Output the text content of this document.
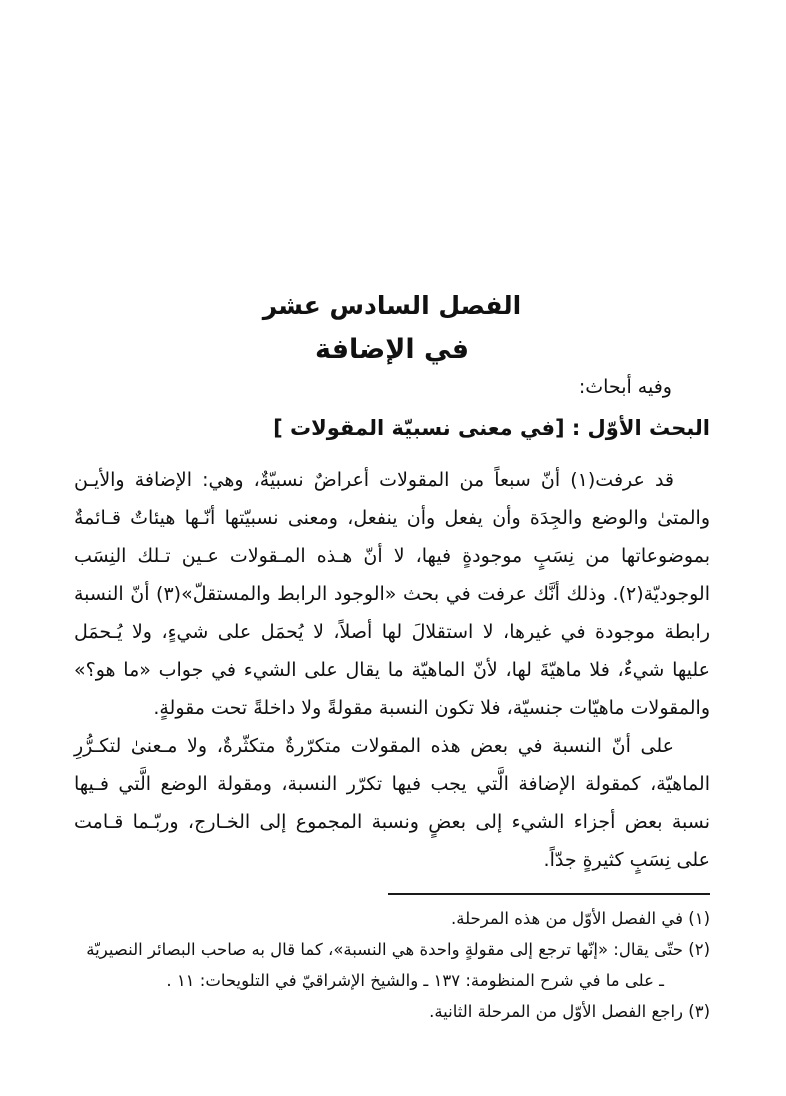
الفصل السادس عشر
في الإضافة
وفيه أبحاث:
البحث الأوّل : [في معنى نسبيّة المقولات ]
قد عرفت(١) أنّ سبعاً من المقولات أعراضٌ نسبيّةٌ، وهي: الإضافة والأيـن
والمتىٰ والوضع والجِدَة وأن يفعل وأن ينفعل، ومعنى نسبيّتها أنّـها هيئاتٌ قـائمةٌ
بموضوعاتها من نِسَبٍ موجودةٍ فيها، لا أنّ هـذه المـقولات عـين تـلك النِسَب
الوجوديّة(٢). وذلك أنَّك عرفت في بحث «الوجود الرابط والمستقلّ»(٣) أنّ النسبة
رابطة موجودة في غيرها، لا استقلالَ لها أصلاً، لا يُحمَل على شيءٍ، ولا يُـحمَل
عليها شيءٌ، فلا ماهيّةَ لها، لأنّ الماهيّة ما يقال على الشيء في جواب «ما هو؟»
والمقولات ماهيّات جنسيّة، فلا تكون النسبة مقولةً ولا داخلةً تحت مقولةٍ.
على أنّ النسبة في بعض هذه المقولات متكرّرةٌ متكثّرةٌ، ولا مـعنىٰ لتكـرُّرِ
الماهيّة، كمقولة الإضافة الَّتي يجب فيها تكرّر النسبة، ومقولة الوضع الَّتي فـيها
نسبة بعض أجزاء الشيء إلى بعضٍ ونسبة المجموع إلى الخـارج، وربّـما قـامت
على نِسَبٍ كثيرةٍ جدّاً.
(١) في الفصل الأوّل من هذه المرحلة.
(٢) حتّى يقال: «إنّها ترجع إلى مقولةٍ واحدة هي النسبة»، كما قال به صاحب البصائر النصيريّة
ـ على ما في شرح المنظومة: ١٣٧ ـ والشيخ الإشراقيّ في التلويحات: ١١ .
(٣) راجع الفصل الأوّل من المرحلة الثانية.
